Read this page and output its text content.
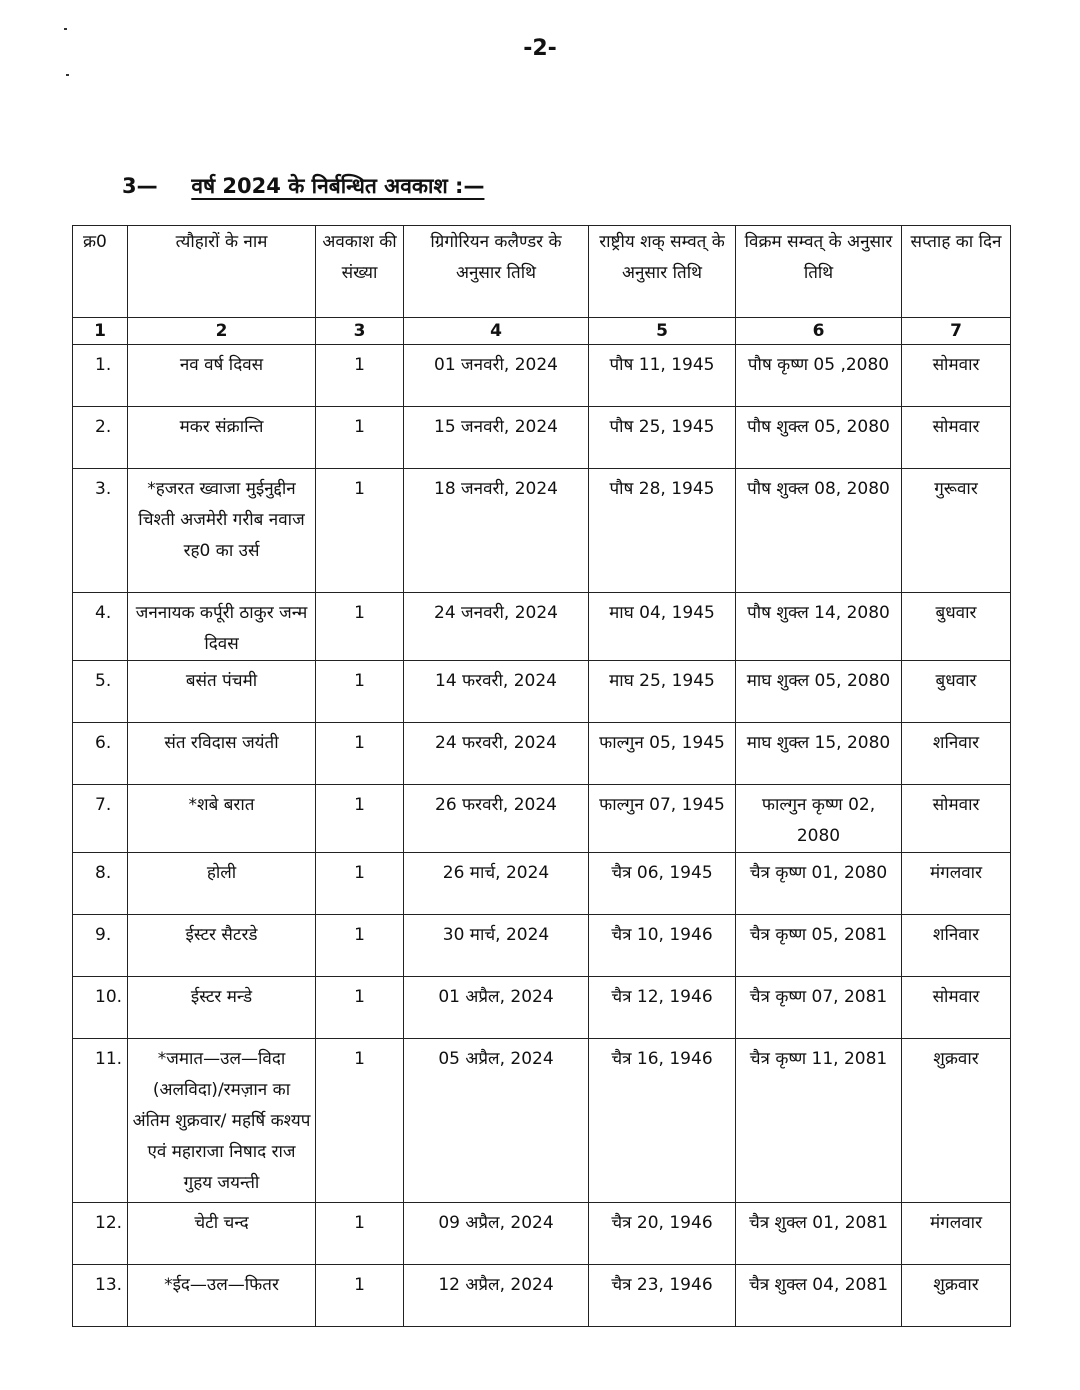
-2-
3— वर्ष 2024 के निर्बन्धित अवकाश :—
क्र0	त्यौहारों के नाम	अवकाश की संख्या	ग्रिगोरियन कलैण्डर के अनुसार तिथि	राष्ट्रीय शक् सम्वत् के अनुसार तिथि	विक्रम सम्वत् के अनुसार तिथि	सप्ताह का दिन
1	2	3	4	5	6	7
1.	नव वर्ष दिवस	1	01 जनवरी, 2024	पौष 11, 1945	पौष कृष्ण 05 ,2080	सोमवार
2.	मकर संक्रान्ति	1	15 जनवरी, 2024	पौष 25, 1945	पौष शुक्ल 05, 2080	सोमवार
3.	*हजरत ख्वाजा मुईनुद्दीन चिश्ती अजमेरी गरीब नवाज रह0 का उर्स	1	18 जनवरी, 2024	पौष 28, 1945	पौष शुक्ल 08, 2080	गुरूवार
4.	जननायक कर्पूरी ठाकुर जन्म दिवस	1	24 जनवरी, 2024	माघ 04, 1945	पौष शुक्ल 14, 2080	बुधवार
5.	बसंत पंचमी	1	14 फरवरी, 2024	माघ 25, 1945	माघ शुक्ल 05, 2080	बुधवार
6.	संत रविदास जयंती	1	24 फरवरी, 2024	फाल्गुन 05, 1945	माघ शुक्ल 15, 2080	शनिवार
7.	*शबे बरात	1	26 फरवरी, 2024	फाल्गुन 07, 1945	फाल्गुन कृष्ण 02, 2080	सोमवार
8.	होली	1	26 मार्च, 2024	चैत्र 06, 1945	चैत्र कृष्ण 01, 2080	मंगलवार
9.	ईस्टर सैटरडे	1	30 मार्च, 2024	चैत्र 10, 1946	चैत्र कृष्ण 05, 2081	शनिवार
10.	ईस्टर मन्डे	1	01 अप्रैल, 2024	चैत्र 12, 1946	चैत्र कृष्ण 07, 2081	सोमवार
11.	*जमात—उल—विदा (अलविदा)/रमज़ान का अंतिम शुक्रवार/ महर्षि कश्यप एवं महाराजा निषाद राज गुहय जयन्ती	1	05 अप्रैल, 2024	चैत्र 16, 1946	चैत्र कृष्ण 11, 2081	शुक्रवार
12.	चेटी चन्द	1	09 अप्रैल, 2024	चैत्र 20, 1946	चैत्र शुक्ल 01, 2081	मंगलवार
13.	*ईद—उल—फितर	1	12 अप्रैल, 2024	चैत्र 23, 1946	चैत्र शुक्ल 04, 2081	शुक्रवार
